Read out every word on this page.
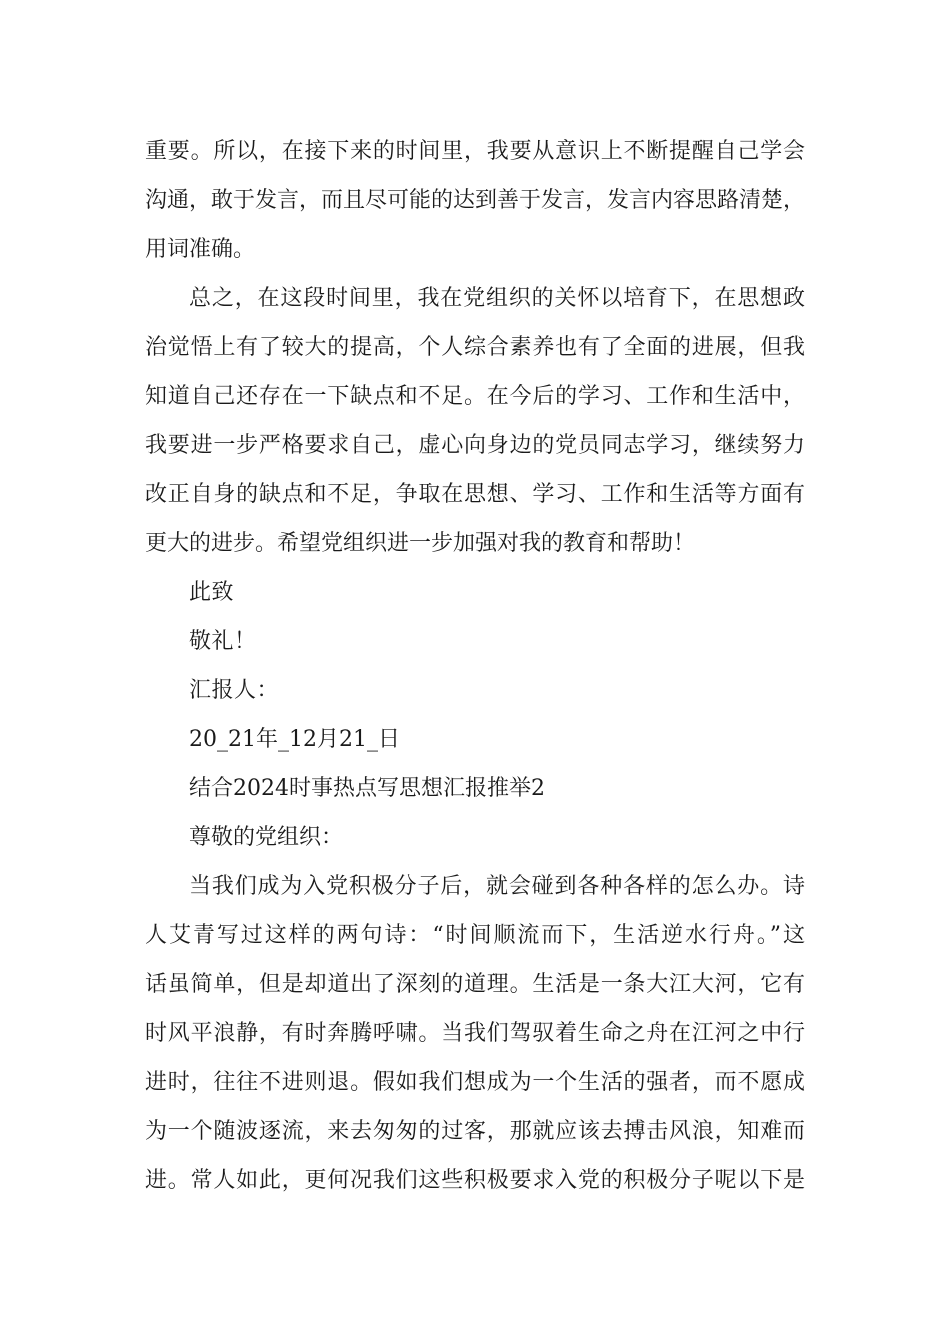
重要。所以，在接下来的时间里，我要从意识上不断提醒自己学会
沟通，敢于发言，而且尽可能的达到善于发言，发言内容思路清楚，
用词准确。
总之，在这段时间里，我在党组织的关怀以培育下，在思想政
治觉悟上有了较大的提高，个人综合素养也有了全面的进展，但我
知道自己还存在一下缺点和不足。在今后的学习、工作和生活中，
我要进一步严格要求自己，虚心向身边的党员同志学习，继续努力
改正自身的缺点和不足，争取在思想、学习、工作和生活等方面有
更大的进步。希望党组织进一步加强对我的教育和帮助！
此致
敬礼！
汇报人：
20_21年_12月21_日
结合2024时事热点写思想汇报推举2
尊敬的党组织：
当我们成为入党积极分子后，就会碰到各种各样的怎么办。诗
人艾青写过这样的两句诗：“时间顺流而下，生活逆水行舟。”这
话虽简单，但是却道出了深刻的道理。生活是一条大江大河，它有
时风平浪静，有时奔腾呼啸。当我们驾驭着生命之舟在江河之中行
进时，往往不进则退。假如我们想成为一个生活的强者，而不愿成
为一个随波逐流，来去匆匆的过客，那就应该去搏击风浪，知难而
进。常人如此，更何况我们这些积极要求入党的积极分子呢以下是
